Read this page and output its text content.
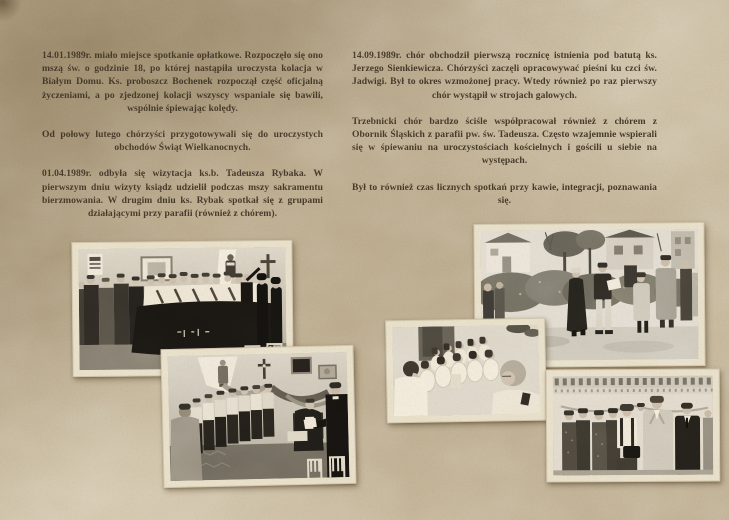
14.01.1989r. miało miejsce spotkanie opłatkowe. Rozpoczęło się ono mszą św. o godzinie 18, po której nastąpiła uroczysta kolacja w Białym Domu. Ks. proboszcz Bochenek rozpoczął część oficjalną życzeniami, a po zjedzonej kolacji wszyscy wspaniale się bawili, wspólnie śpiewając kolędy.

Od połowy lutego chórzyści przygotowywali się do uroczystych obchodów Świąt Wielkanocnych.

01.04.1989r. odbyła się wizytacja ks.b. Tadeusza Rybaka. W pierwszym dniu wizyty ksiądz udzielił podczas mszy sakramentu bierzmowania. W drugim dniu ks. Rybak spotkał się z grupami działającymi przy parafii (również z chórem).

14.09.1989r. chór obchodził pierwszą rocznicę istnienia pod batutą ks. Jerzego Sienkiewicza. Chórzyści zaczęli opracowywać pieśni ku czci św. Jadwigi. Był to okres wzmożonej pracy. Wtedy również po raz pierwszy chór wystąpił w strojach galowych.

Trzebnicki chór bardzo ściśle współpracował również z chórem z Obornik Śląskich z parafii pw. św. Tadeusza. Często wzajemnie wspierali się w śpiewaniu na uroczystościach kościelnych i gościli u siebie na występach.

Był to również czas licznych spotkań przy kawie, integracji, poznawania się.
